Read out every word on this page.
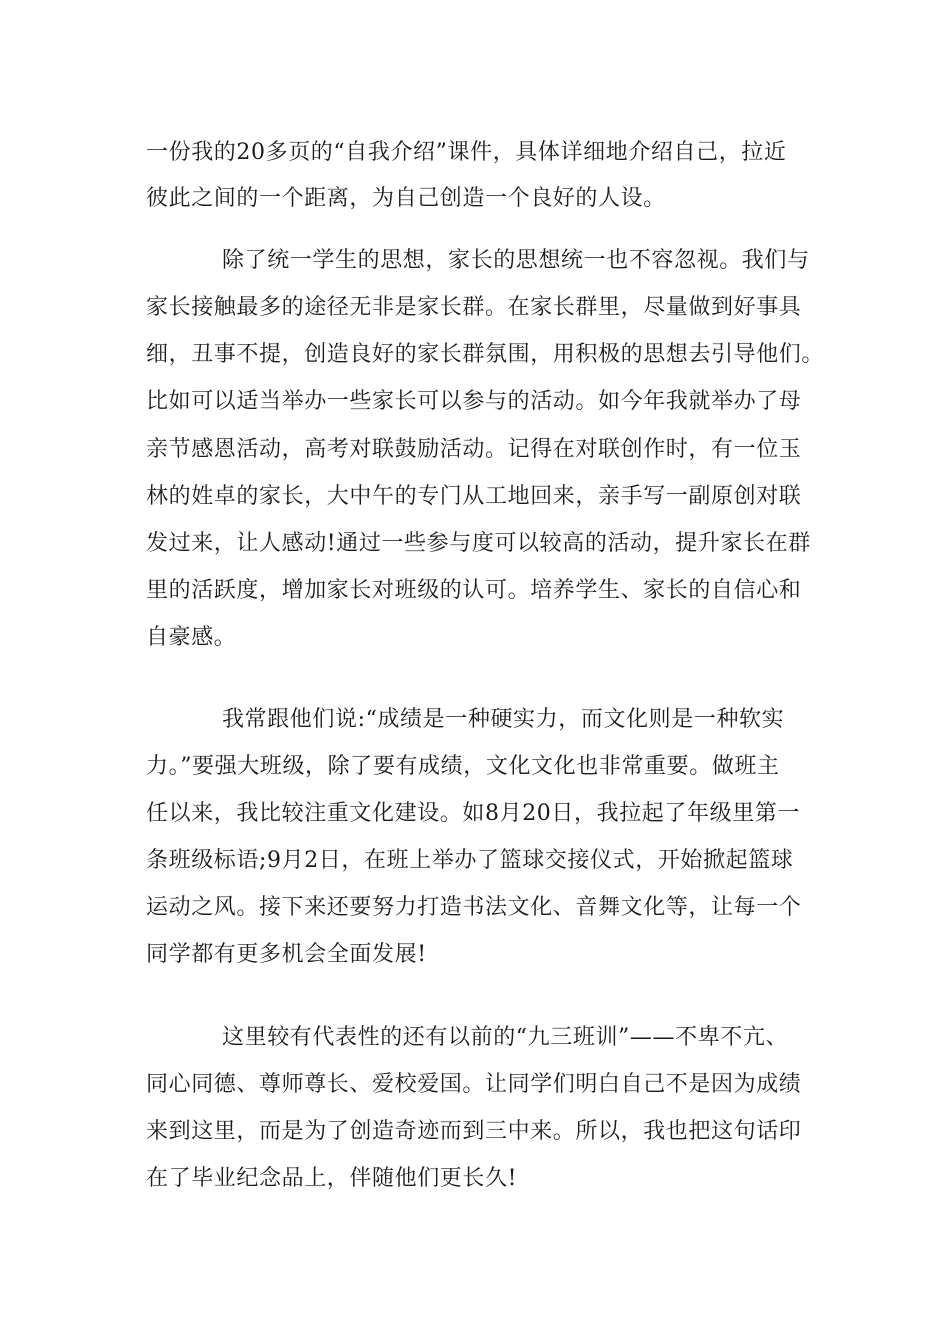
一份我的20多页的“自我介绍”课件，具体详细地介绍自己，拉近
彼此之间的一个距离，为自己创造一个良好的人设。
除了统一学生的思想，家长的思想统一也不容忽视。我们与
家长接触最多的途径无非是家长群。在家长群里，尽量做到好事具
细，丑事不提，创造良好的家长群氛围，用积极的思想去引导他们。
比如可以适当举办一些家长可以参与的活动。如今年我就举办了母
亲节感恩活动，高考对联鼓励活动。记得在对联创作时，有一位玉
林的姓卓的家长，大中午的专门从工地回来，亲手写一副原创对联
发过来，让人感动!通过一些参与度可以较高的活动，提升家长在群
里的活跃度，增加家长对班级的认可。培养学生、家长的自信心和
自豪感。
我常跟他们说:“成绩是一种硬实力，而文化则是一种软实
力。”要强大班级，除了要有成绩，文化文化也非常重要。做班主
任以来，我比较注重文化建设。如8月20日，我拉起了年级里第一
条班级标语;9月2日，在班上举办了篮球交接仪式，开始掀起篮球
运动之风。接下来还要努力打造书法文化、音舞文化等，让每一个
同学都有更多机会全面发展!
这里较有代表性的还有以前的“九三班训”——不卑不亢、
同心同德、尊师尊长、爱校爱国。让同学们明白自己不是因为成绩
来到这里，而是为了创造奇迹而到三中来。所以，我也把这句话印
在了毕业纪念品上，伴随他们更长久!
